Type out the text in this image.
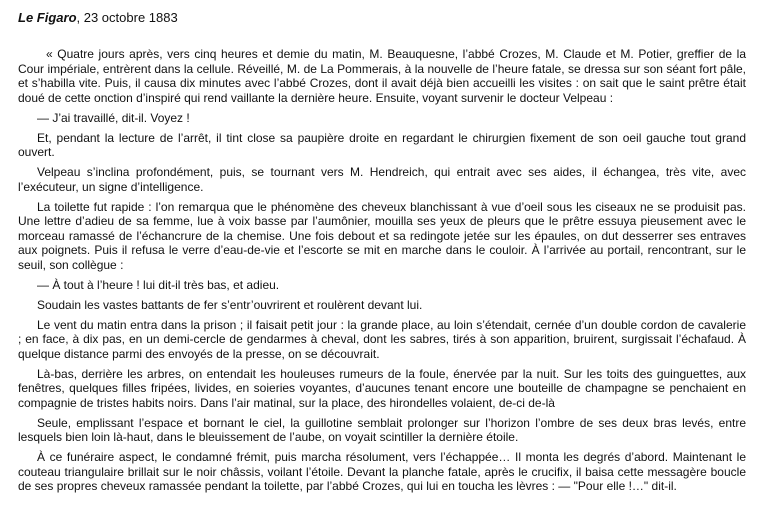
Le Figaro, 23 octobre 1883

« Quatre jours après, vers cinq heures et demie du matin, M. Beauquesne, l’abbé Crozes, M. Claude et M. Potier, greffier de la Cour impériale, entrèrent dans la cellule. Réveillé, M. de La Pommerais, à la nouvelle de l’heure fatale, se dressa sur son séant fort pâle, et s’habilla vite. Puis, il causa dix minutes avec l’abbé Crozes, dont il avait déjà bien accueilli les visites : on sait que le saint prêtre était doué de cette onction d’inspiré qui rend vaillante la dernière heure. Ensuite, voyant survenir le docteur Velpeau :

— J’ai travaillé, dit-il. Voyez !

Et, pendant la lecture de l’arrêt, il tint close sa paupière droite en regardant le chirurgien fixement de son oeil gauche tout grand ouvert.

Velpeau s’inclina profondément, puis, se tournant vers M. Hendreich, qui entrait avec ses aides, il échangea, très vite, avec l’exécuteur, un signe d’intelligence.

La toilette fut rapide : l’on remarqua que le phénomène des cheveux blanchissant à vue d’oeil sous les ciseaux ne se produisit pas. Une lettre d’adieu de sa femme, lue à voix basse par l’aumônier, mouilla ses yeux de pleurs que le prêtre essuya pieusement avec le morceau ramassé de l’échancrure de la chemise. Une fois debout et sa redingote jetée sur les épaules, on dut desserrer ses entraves aux poignets. Puis il refusa le verre d’eau-de-vie et l’escorte se mit en marche dans le couloir. À l’arrivée au portail, rencontrant, sur le seuil, son collègue :

— À tout à l’heure ! lui dit-il très bas, et adieu.

Soudain les vastes battants de fer s’entr’ouvrirent et roulèrent devant lui.

Le vent du matin entra dans la prison ; il faisait petit jour : la grande place, au loin s’étendait, cernée d’un double cordon de cavalerie ; en face, à dix pas, en un demi-cercle de gendarmes à cheval, dont les sabres, tirés à son apparition, bruirent, surgissait l’échafaud. À quelque distance parmi des envoyés de la presse, on se découvrait.

Là-bas, derrière les arbres, on entendait les houleuses rumeurs de la foule, énervée par la nuit. Sur les toits des guinguettes, aux fenêtres, quelques filles fripées, livides, en soieries voyantes, d’aucunes tenant encore une bouteille de champagne se penchaient en compagnie de tristes habits noirs. Dans l’air matinal, sur la place, des hirondelles volaient, de-ci de-là

Seule, emplissant l’espace et bornant le ciel, la guillotine semblait prolonger sur l’horizon l’ombre de ses deux bras levés, entre lesquels bien loin là-haut, dans le bleuissement de l’aube, on voyait scintiller la dernière étoile.

À ce funéraire aspect, le condamné frémit, puis marcha résolument, vers l’échappée… Il monta les degrés d’abord. Maintenant le couteau triangulaire brillait sur le noir châssis, voilant l’étoile. Devant la planche fatale, après le crucifix, il baisa cette messagère boucle de ses propres cheveux ramassée pendant la toilette, par l’abbé Crozes, qui lui en toucha les lèvres : — "Pour elle !…" dit-il.
